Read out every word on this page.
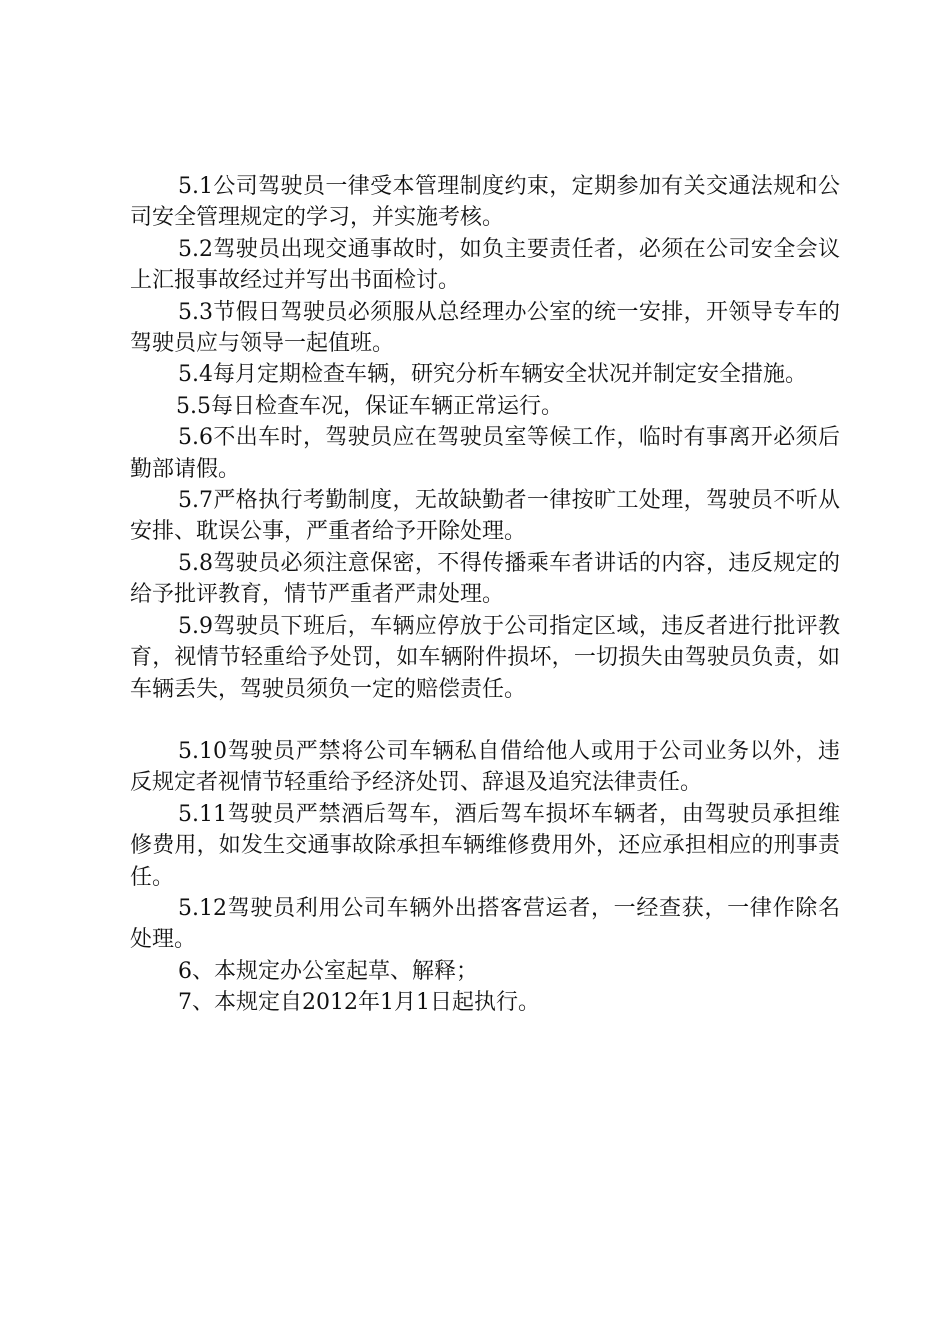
5.1公司驾驶员一律受本管理制度约束，定期参加有关交通法规和公司安全管理规定的学习，并实施考核。

5.2驾驶员出现交通事故时，如负主要责任者，必须在公司安全会议上汇报事故经过并写出书面检讨。

5.3节假日驾驶员必须服从总经理办公室的统一安排，开领导专车的驾驶员应与领导一起值班。

5.4每月定期检查车辆，研究分析车辆安全状况并制定安全措施。

5.5每日检查车况，保证车辆正常运行。

5.6不出车时，驾驶员应在驾驶员室等候工作，临时有事离开必须后勤部请假。

5.7严格执行考勤制度，无故缺勤者一律按旷工处理，驾驶员不听从安排、耽误公事，严重者给予开除处理。

5.8驾驶员必须注意保密，不得传播乘车者讲话的内容，违反规定的给予批评教育，情节严重者严肃处理。

5.9驾驶员下班后，车辆应停放于公司指定区域，违反者进行批评教育，视情节轻重给予处罚，如车辆附件损坏，一切损失由驾驶员负责，如车辆丢失，驾驶员须负一定的赔偿责任。

5.10驾驶员严禁将公司车辆私自借给他人或用于公司业务以外，违反规定者视情节轻重给予经济处罚、辞退及追究法律责任。

5.11驾驶员严禁酒后驾车，酒后驾车损坏车辆者，由驾驶员承担维修费用，如发生交通事故除承担车辆维修费用外，还应承担相应的刑事责任。

5.12驾驶员利用公司车辆外出搭客营运者，一经查获，一律作除名处理。

6、本规定办公室起草、解释；

7、本规定自2012年1月1日起执行。
